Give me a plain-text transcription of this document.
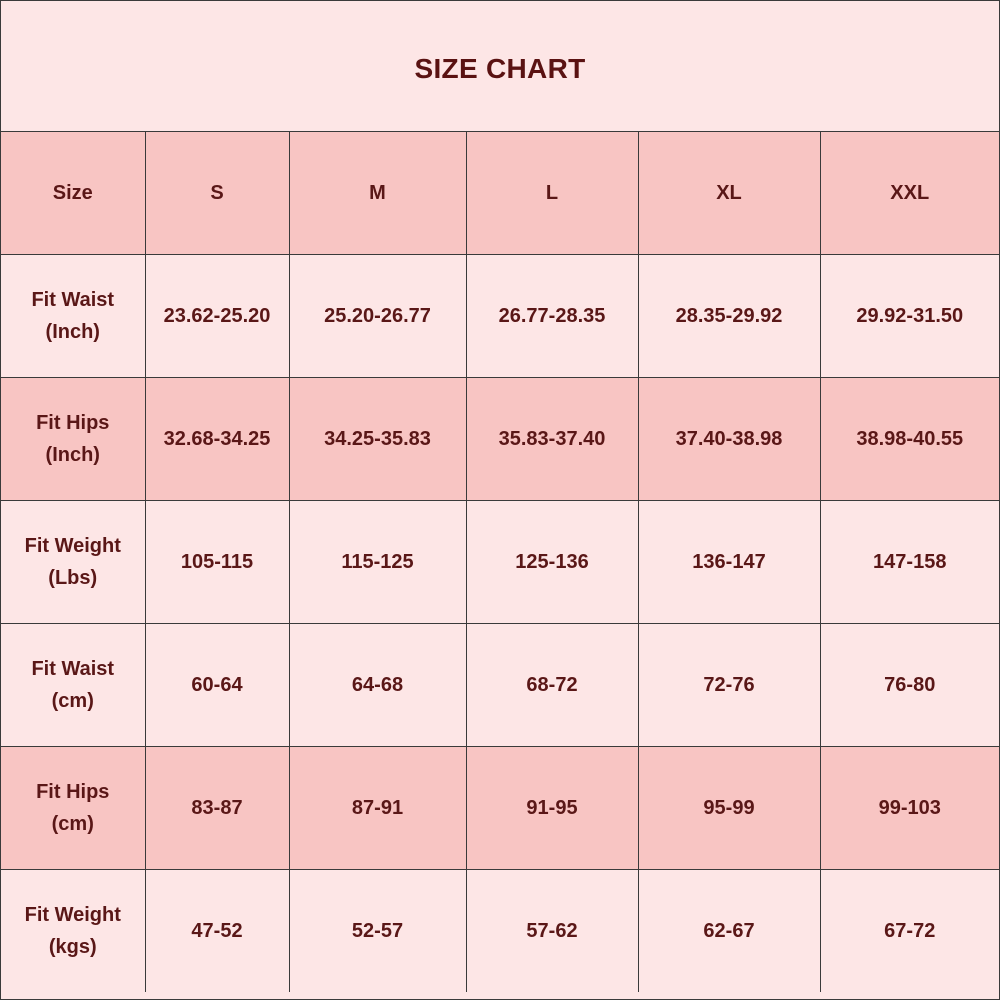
SIZE CHART
Size	S	M	L	XL	XXL

Fit Waist
(Inch)	23.62-25.20	25.20-26.77	26.77-28.35	28.35-29.92	29.92-31.50

Fit Hips
(Inch)	32.68-34.25	34.25-35.83	35.83-37.40	37.40-38.98	38.98-40.55

Fit Weight
(Lbs)	105-115	115-125	125-136	136-147	147-158

Fit Waist
(cm)	60-64	64-68	68-72	72-76	76-80

Fit Hips
(cm)	83-87	87-91	91-95	95-99	99-103

Fit Weight
(kgs)	47-52	52-57	57-62	62-67	67-72
